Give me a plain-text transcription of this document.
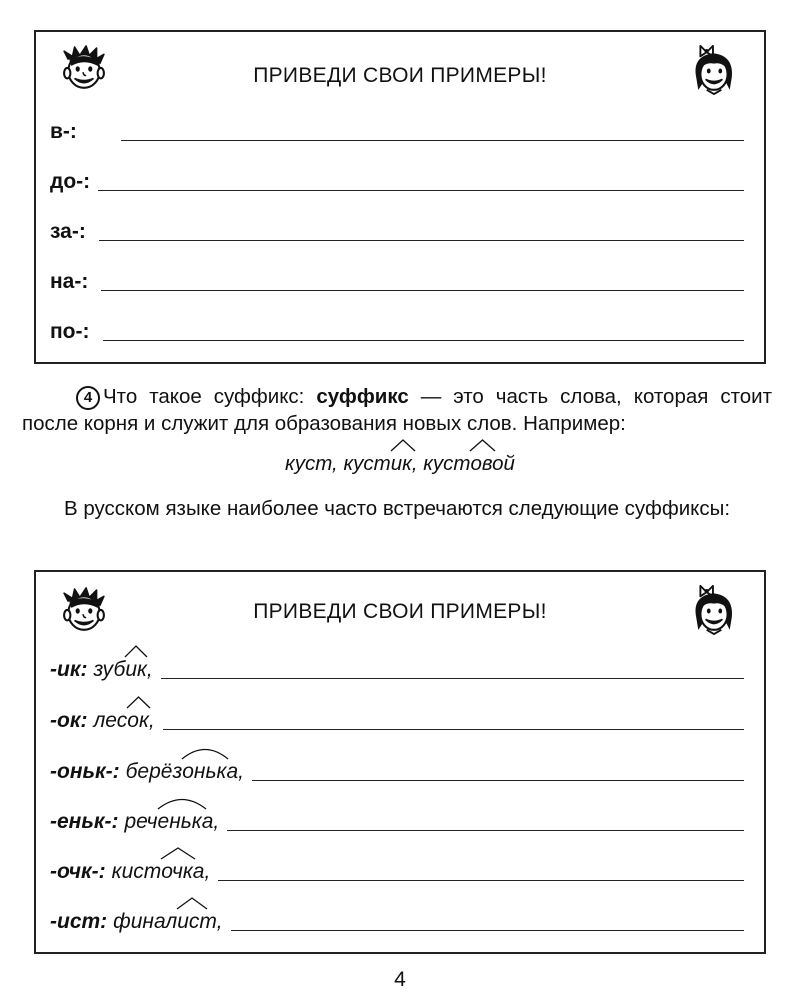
ПРИВЕДИ СВОИ ПРИМЕРЫ!
в-:
до-:
за-:
на-:
по-:
4 Что такое суффикс: суффикс — это часть слова, которая стоит после корня и служит для образования новых слов. Например:
куст, куст
ик, куст
овой
В русском языке наиболее часто встречаются следующие суффиксы:
ПРИВЕДИ СВОИ ПРИМЕРЫ!
-ик: зуб
ик,
-ок: лес
ок,
-оньк-: берёз
онька,
-еньк-: реч
енька,
-очк-: кист
очка,
-ист: финал
ист,
4
